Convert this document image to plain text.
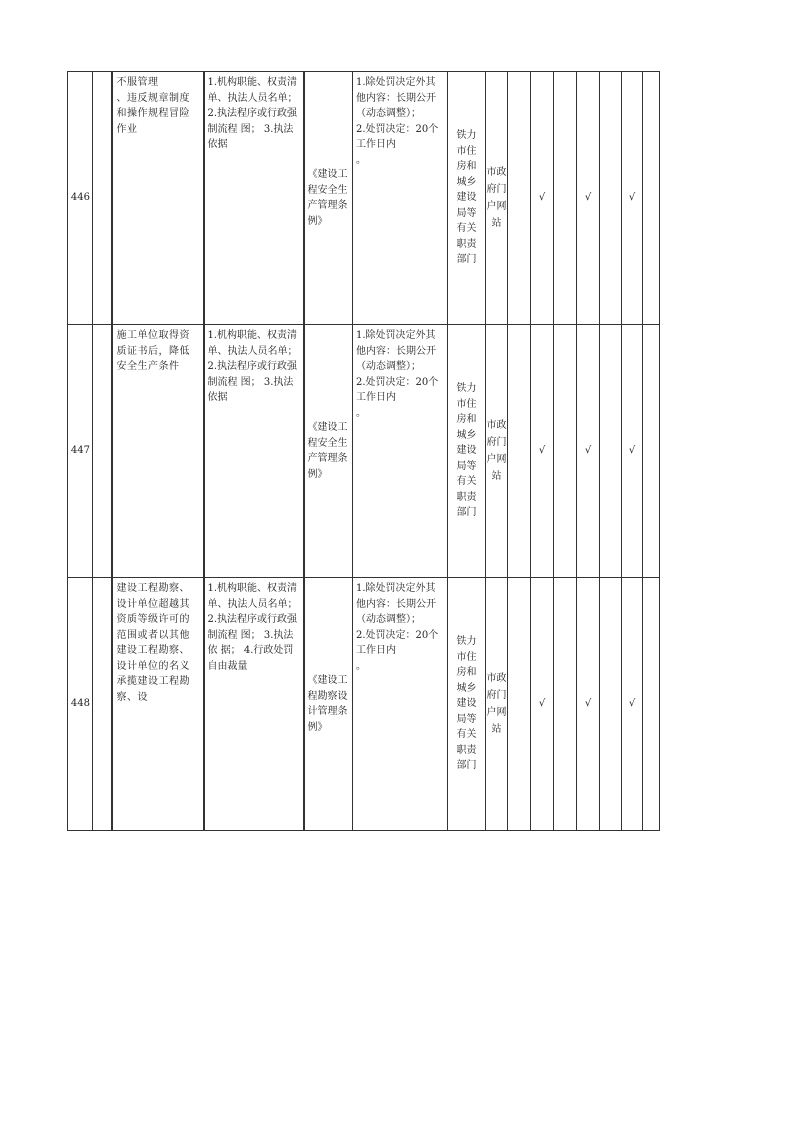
446		不服管理
、违反规章制度和操作规程冒险作业	1.机构职能、权责清单、执法人员名单； 2.执法程序或行政强制流程 图； 3.执法依据	《建设工程安全生产管理条例》	1.除处罚决定外其他内容：长期公开
（动态调整）；
2.处罚决定：20个工作日内
。	铁力市住房和城乡建设局等有关职责部门	市政府门户网站		√		√		√	
447		施工单位取得资质证书后，降低安全生产条件	1.机构职能、权责清单、执法人员名单； 2.执法程序或行政强制流程 图； 3.执法依据	《建设工程安全生产管理条例》	1.除处罚决定外其他内容：长期公开
（动态调整）；
2.处罚决定：20个工作日内
。	铁力市住房和城乡建设局等有关职责部门	市政府门户网站		√		√		√	
448		建设工程勘察、设计单位超越其资质等级许可的范围或者以其他建设工程勘察、设计单位的名义承揽建设工程勘察、设	1.机构职能、权责清单、执法人员名单； 2.执法程序或行政强制流程 图； 3.执法依 据； 4.行政处罚
自由裁量	《建设工程勘察设计管理条例》	1.除处罚决定外其他内容：长期公开
（动态调整）；
2.处罚决定：20个工作日内
。	铁力市住房和城乡建设局等有关职责部门	市政府门户网站		√		√		√	
